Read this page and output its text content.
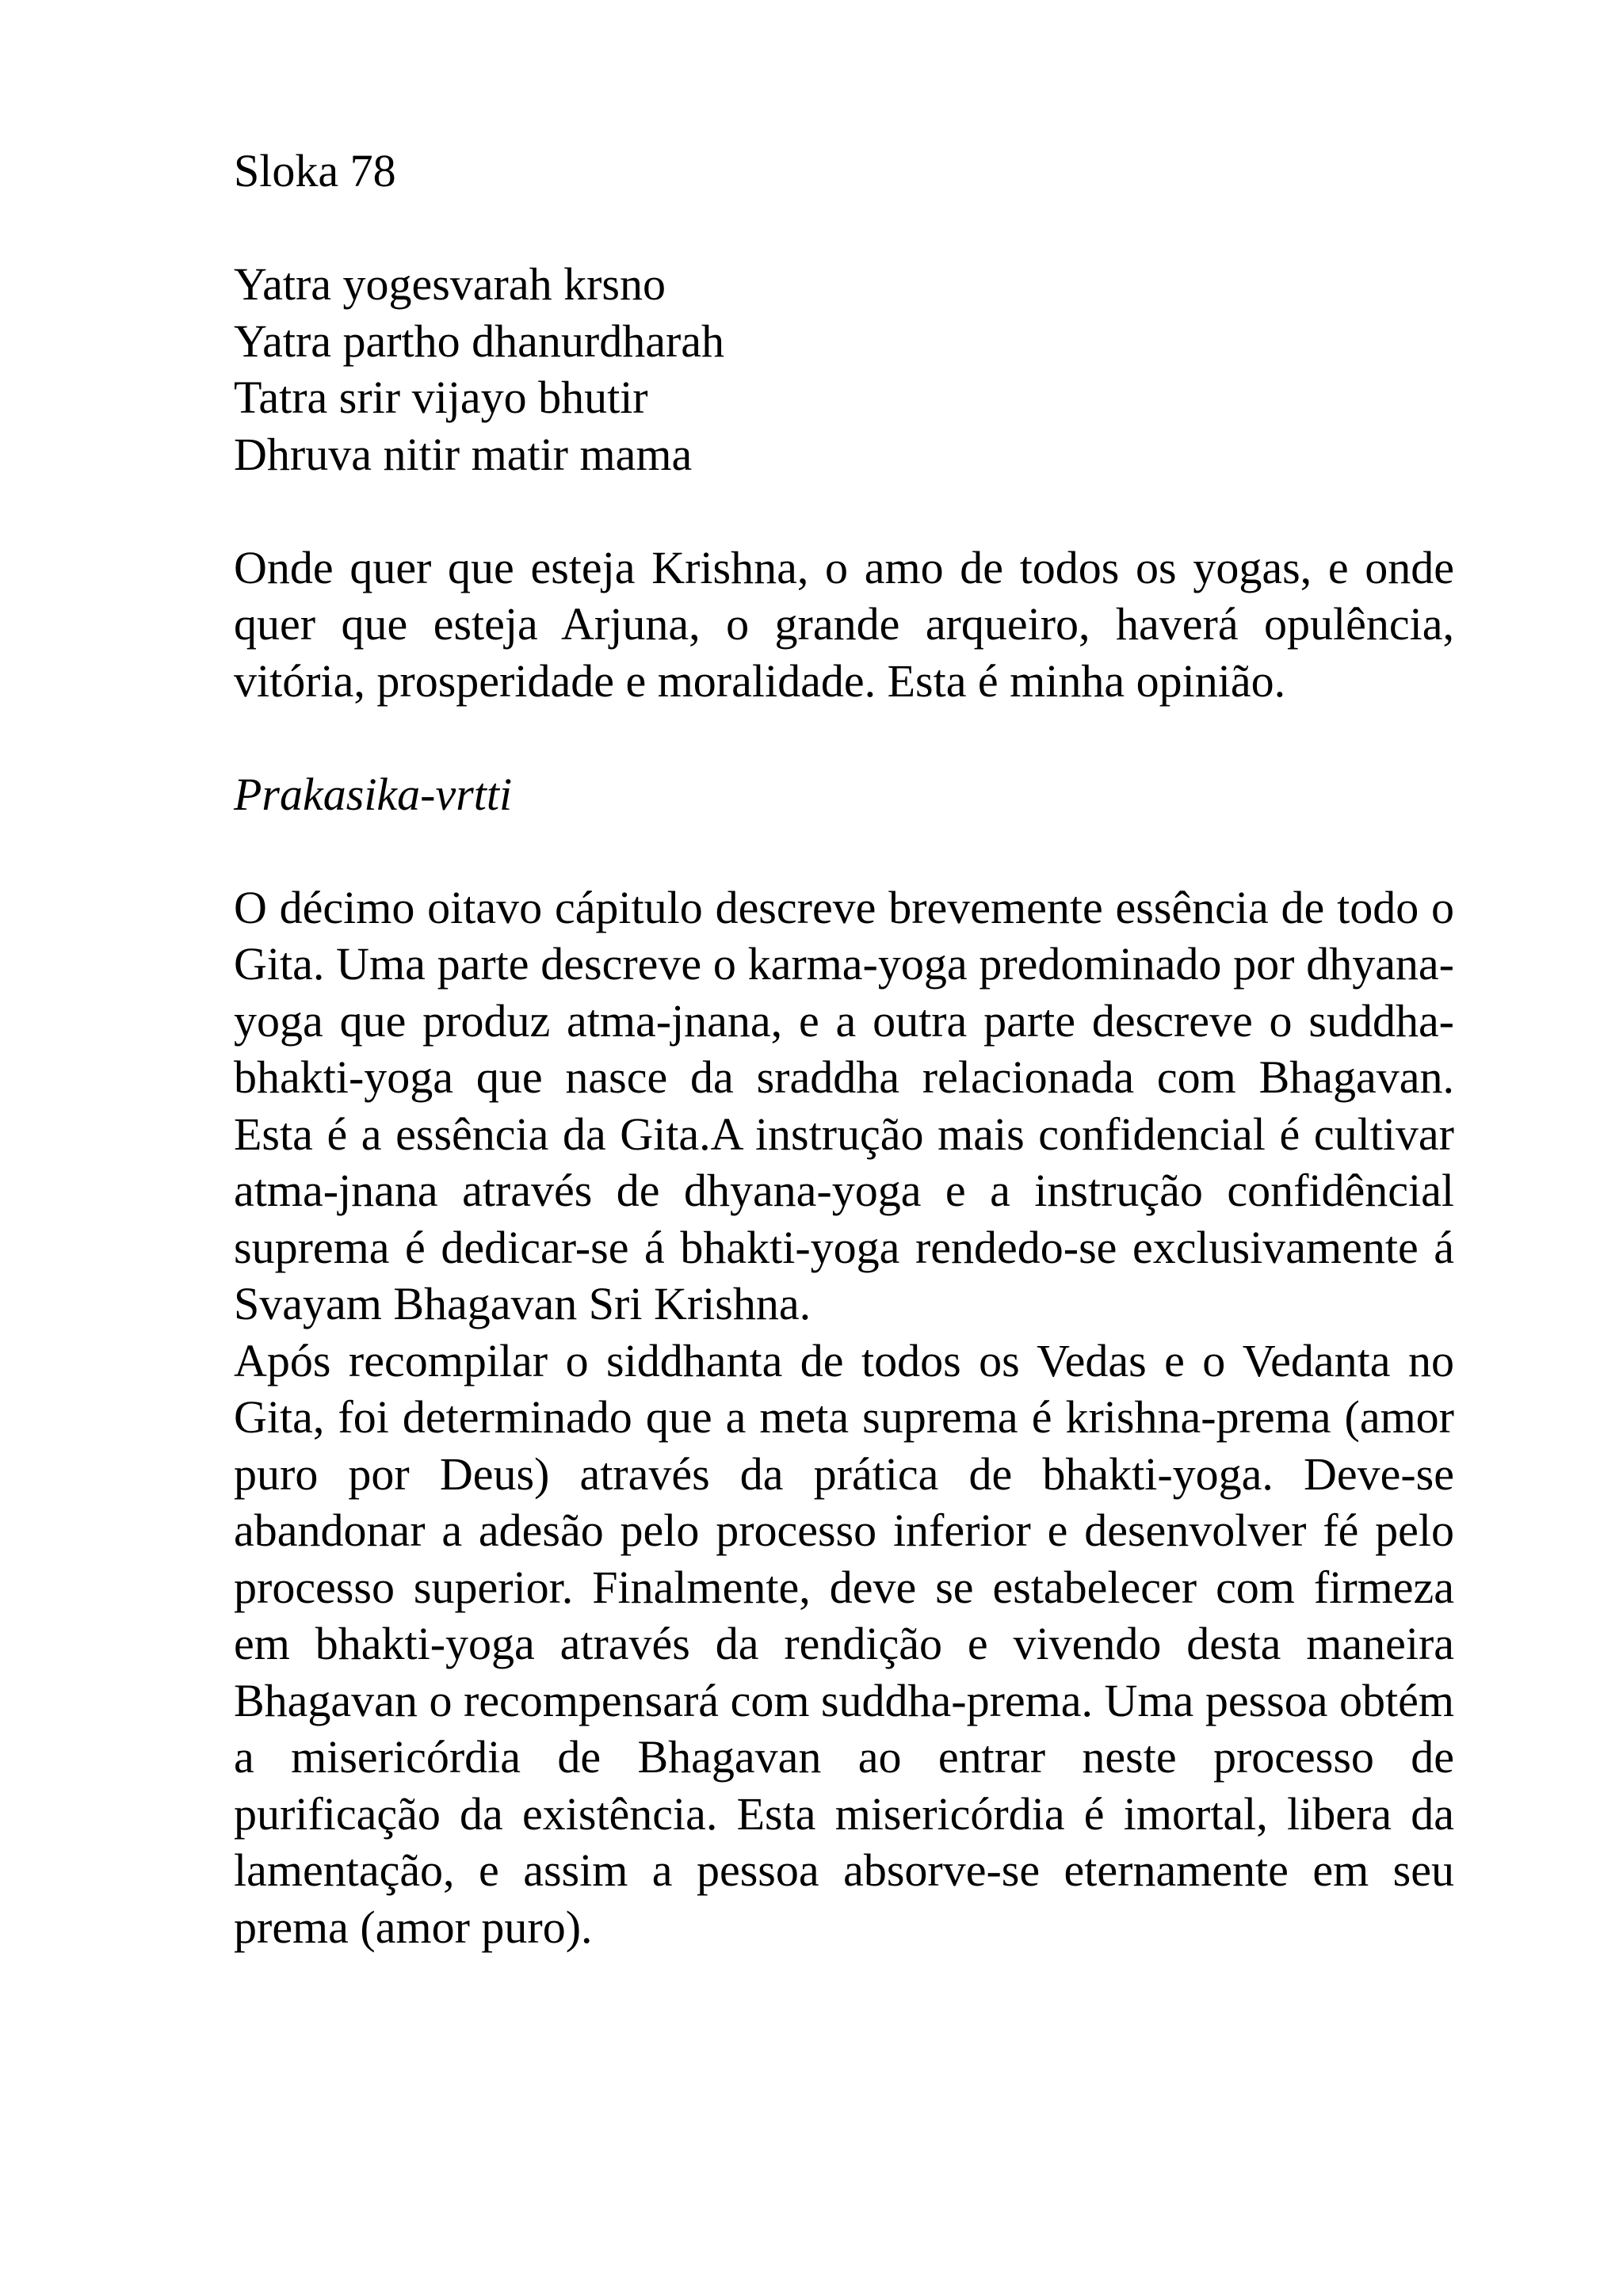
Sloka 78
Yatra yogesvarah krsno
Yatra partho dhanurdharah
Tatra srir vijayo bhutir
Dhruva nitir matir mama

Onde quer que esteja Krishna, o amo de todos os yogas, e onde quer que esteja Arjuna, o grande arqueiro, haverá opulência, vitória, prosperidade e moralidade. Esta é minha opinião.

Prakasika-vrtti

O décimo oitavo cápitulo descreve brevemente essência de todo o Gita. Uma parte descreve o karma-yoga predominado por dhyana-yoga que produz atma-jnana, e a outra parte descreve o suddha-bhakti-yoga que nasce da sraddha relacionada com Bhagavan. Esta é a essência da Gita.A instrução mais confidencial é cultivar atma-jnana através de dhyana-yoga e a instrução confidêncial suprema é dedicar-se á bhakti-yoga rendedo-se exclusivamente á Svayam Bhagavan Sri Krishna.

Após recompilar o siddhanta de todos os Vedas e o Vedanta no Gita, foi determinado que a meta suprema é krishna-prema (amor puro por Deus) através da prática de bhakti-yoga. Deve-se abandonar a adesão pelo processo inferior e desenvolver fé pelo processo superior. Finalmente, deve se estabelecer com firmeza em bhakti-yoga através da rendição e vivendo desta maneira Bhagavan o recompensará com suddha-prema. Uma pessoa obtém a misericórdia de Bhagavan ao entrar neste processo de purificação da existência. Esta misericórdia é imortal, libera da lamentação, e assim a pessoa absorve-se eternamente em seu prema (amor puro).
